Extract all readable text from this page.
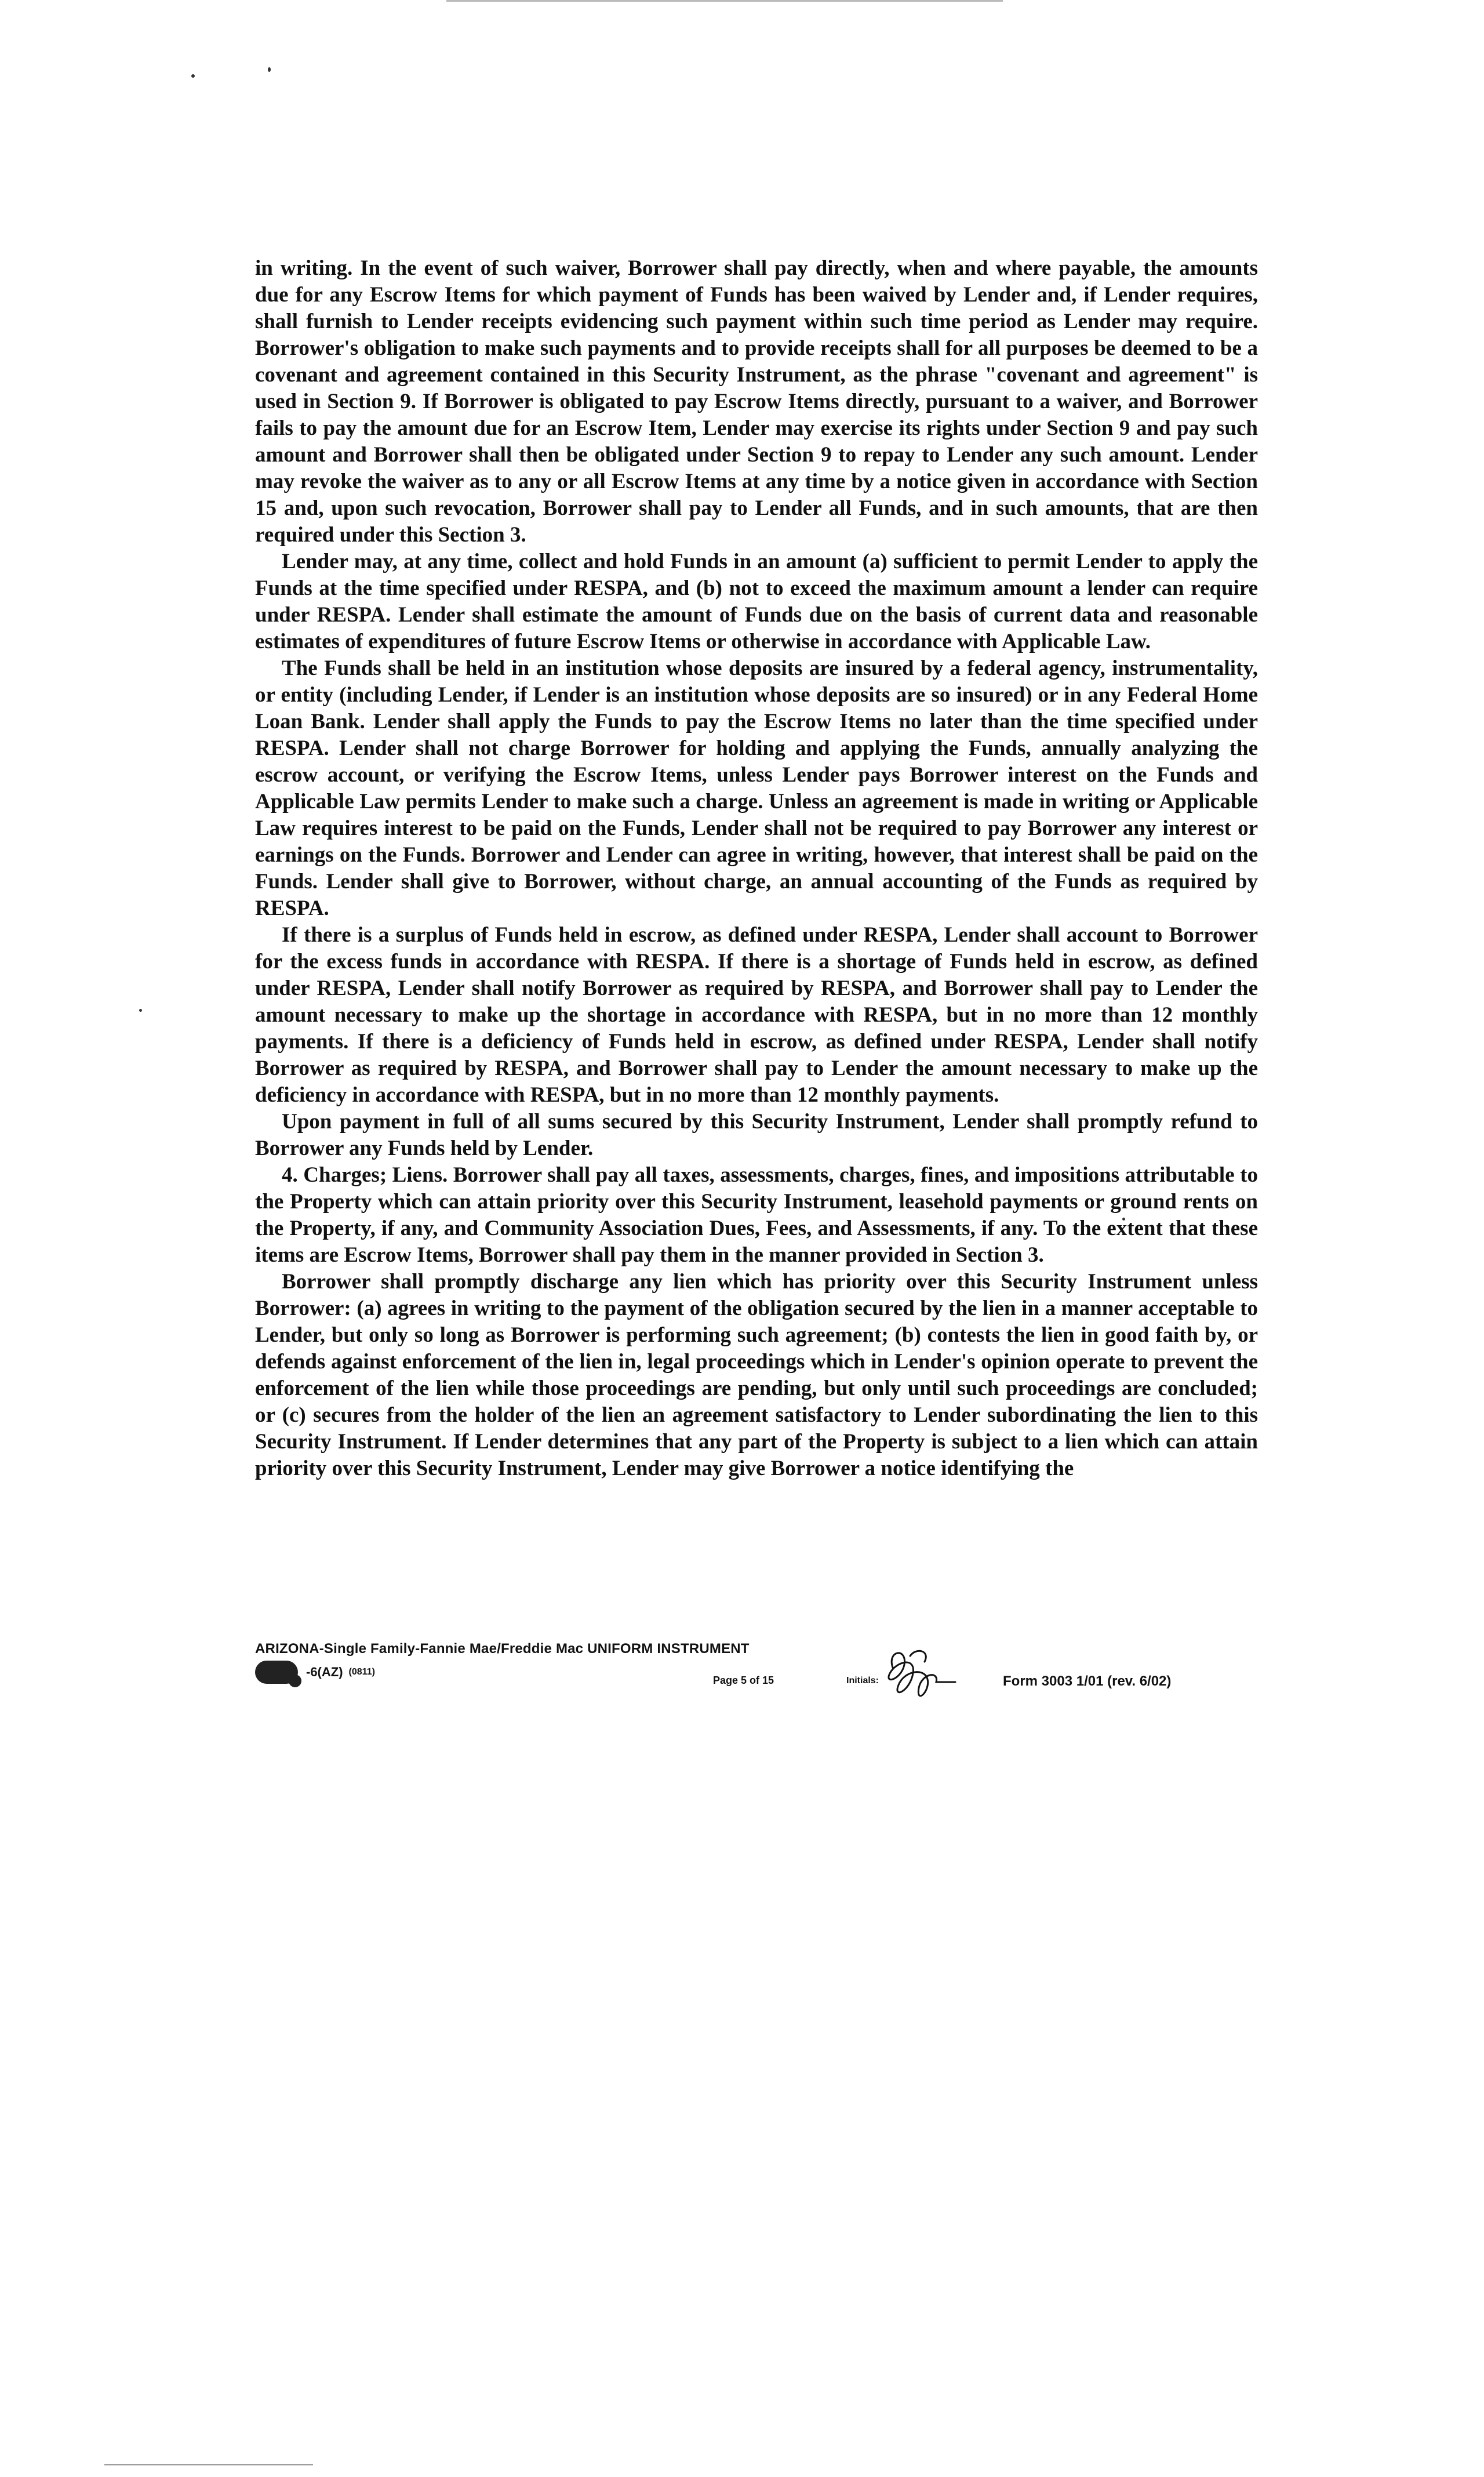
in writing. In the event of such waiver, Borrower shall pay directly, when and where payable, the amounts due for any Escrow Items for which payment of Funds has been waived by Lender and, if Lender requires, shall furnish to Lender receipts evidencing such payment within such time period as Lender may require. Borrower's obligation to make such payments and to provide receipts shall for all purposes be deemed to be a covenant and agreement contained in this Security Instrument, as the phrase "covenant and agreement" is used in Section 9. If Borrower is obligated to pay Escrow Items directly, pursuant to a waiver, and Borrower fails to pay the amount due for an Escrow Item, Lender may exercise its rights under Section 9 and pay such amount and Borrower shall then be obligated under Section 9 to repay to Lender any such amount. Lender may revoke the waiver as to any or all Escrow Items at any time by a notice given in accordance with Section 15 and, upon such revocation, Borrower shall pay to Lender all Funds, and in such amounts, that are then required under this Section 3.

Lender may, at any time, collect and hold Funds in an amount (a) sufficient to permit Lender to apply the Funds at the time specified under RESPA, and (b) not to exceed the maximum amount a lender can require under RESPA. Lender shall estimate the amount of Funds due on the basis of current data and reasonable estimates of expenditures of future Escrow Items or otherwise in accordance with Applicable Law.

The Funds shall be held in an institution whose deposits are insured by a federal agency, instrumentality, or entity (including Lender, if Lender is an institution whose deposits are so insured) or in any Federal Home Loan Bank. Lender shall apply the Funds to pay the Escrow Items no later than the time specified under RESPA. Lender shall not charge Borrower for holding and applying the Funds, annually analyzing the escrow account, or verifying the Escrow Items, unless Lender pays Borrower interest on the Funds and Applicable Law permits Lender to make such a charge. Unless an agreement is made in writing or Applicable Law requires interest to be paid on the Funds, Lender shall not be required to pay Borrower any interest or earnings on the Funds. Borrower and Lender can agree in writing, however, that interest shall be paid on the Funds. Lender shall give to Borrower, without charge, an annual accounting of the Funds as required by RESPA.

If there is a surplus of Funds held in escrow, as defined under RESPA, Lender shall account to Borrower for the excess funds in accordance with RESPA. If there is a shortage of Funds held in escrow, as defined under RESPA, Lender shall notify Borrower as required by RESPA, and Borrower shall pay to Lender the amount necessary to make up the shortage in accordance with RESPA, but in no more than 12 monthly payments. If there is a deficiency of Funds held in escrow, as defined under RESPA, Lender shall notify Borrower as required by RESPA, and Borrower shall pay to Lender the amount necessary to make up the deficiency in accordance with RESPA, but in no more than 12 monthly payments.

Upon payment in full of all sums secured by this Security Instrument, Lender shall promptly refund to Borrower any Funds held by Lender.

4. Charges; Liens. Borrower shall pay all taxes, assessments, charges, fines, and impositions attributable to the Property which can attain priority over this Security Instrument, leasehold payments or ground rents on the Property, if any, and Community Association Dues, Fees, and Assessments, if any. To the extent that these items are Escrow Items, Borrower shall pay them in the manner provided in Section 3.

Borrower shall promptly discharge any lien which has priority over this Security Instrument unless Borrower: (a) agrees in writing to the payment of the obligation secured by the lien in a manner acceptable to Lender, but only so long as Borrower is performing such agreement; (b) contests the lien in good faith by, or defends against enforcement of the lien in, legal proceedings which in Lender's opinion operate to prevent the enforcement of the lien while those proceedings are pending, but only until such proceedings are concluded; or (c) secures from the holder of the lien an agreement satisfactory to Lender subordinating the lien to this Security Instrument. If Lender determines that any part of the Property is subject to a lien which can attain priority over this Security Instrument, Lender may give Borrower a notice identifying the

ARIZONA-Single Family-Fannie Mae/Freddie Mac UNIFORM INSTRUMENT
-6(AZ) (0811)
Page 5 of 15	Initials:	Form 3003 1/01 (rev. 6/02)
